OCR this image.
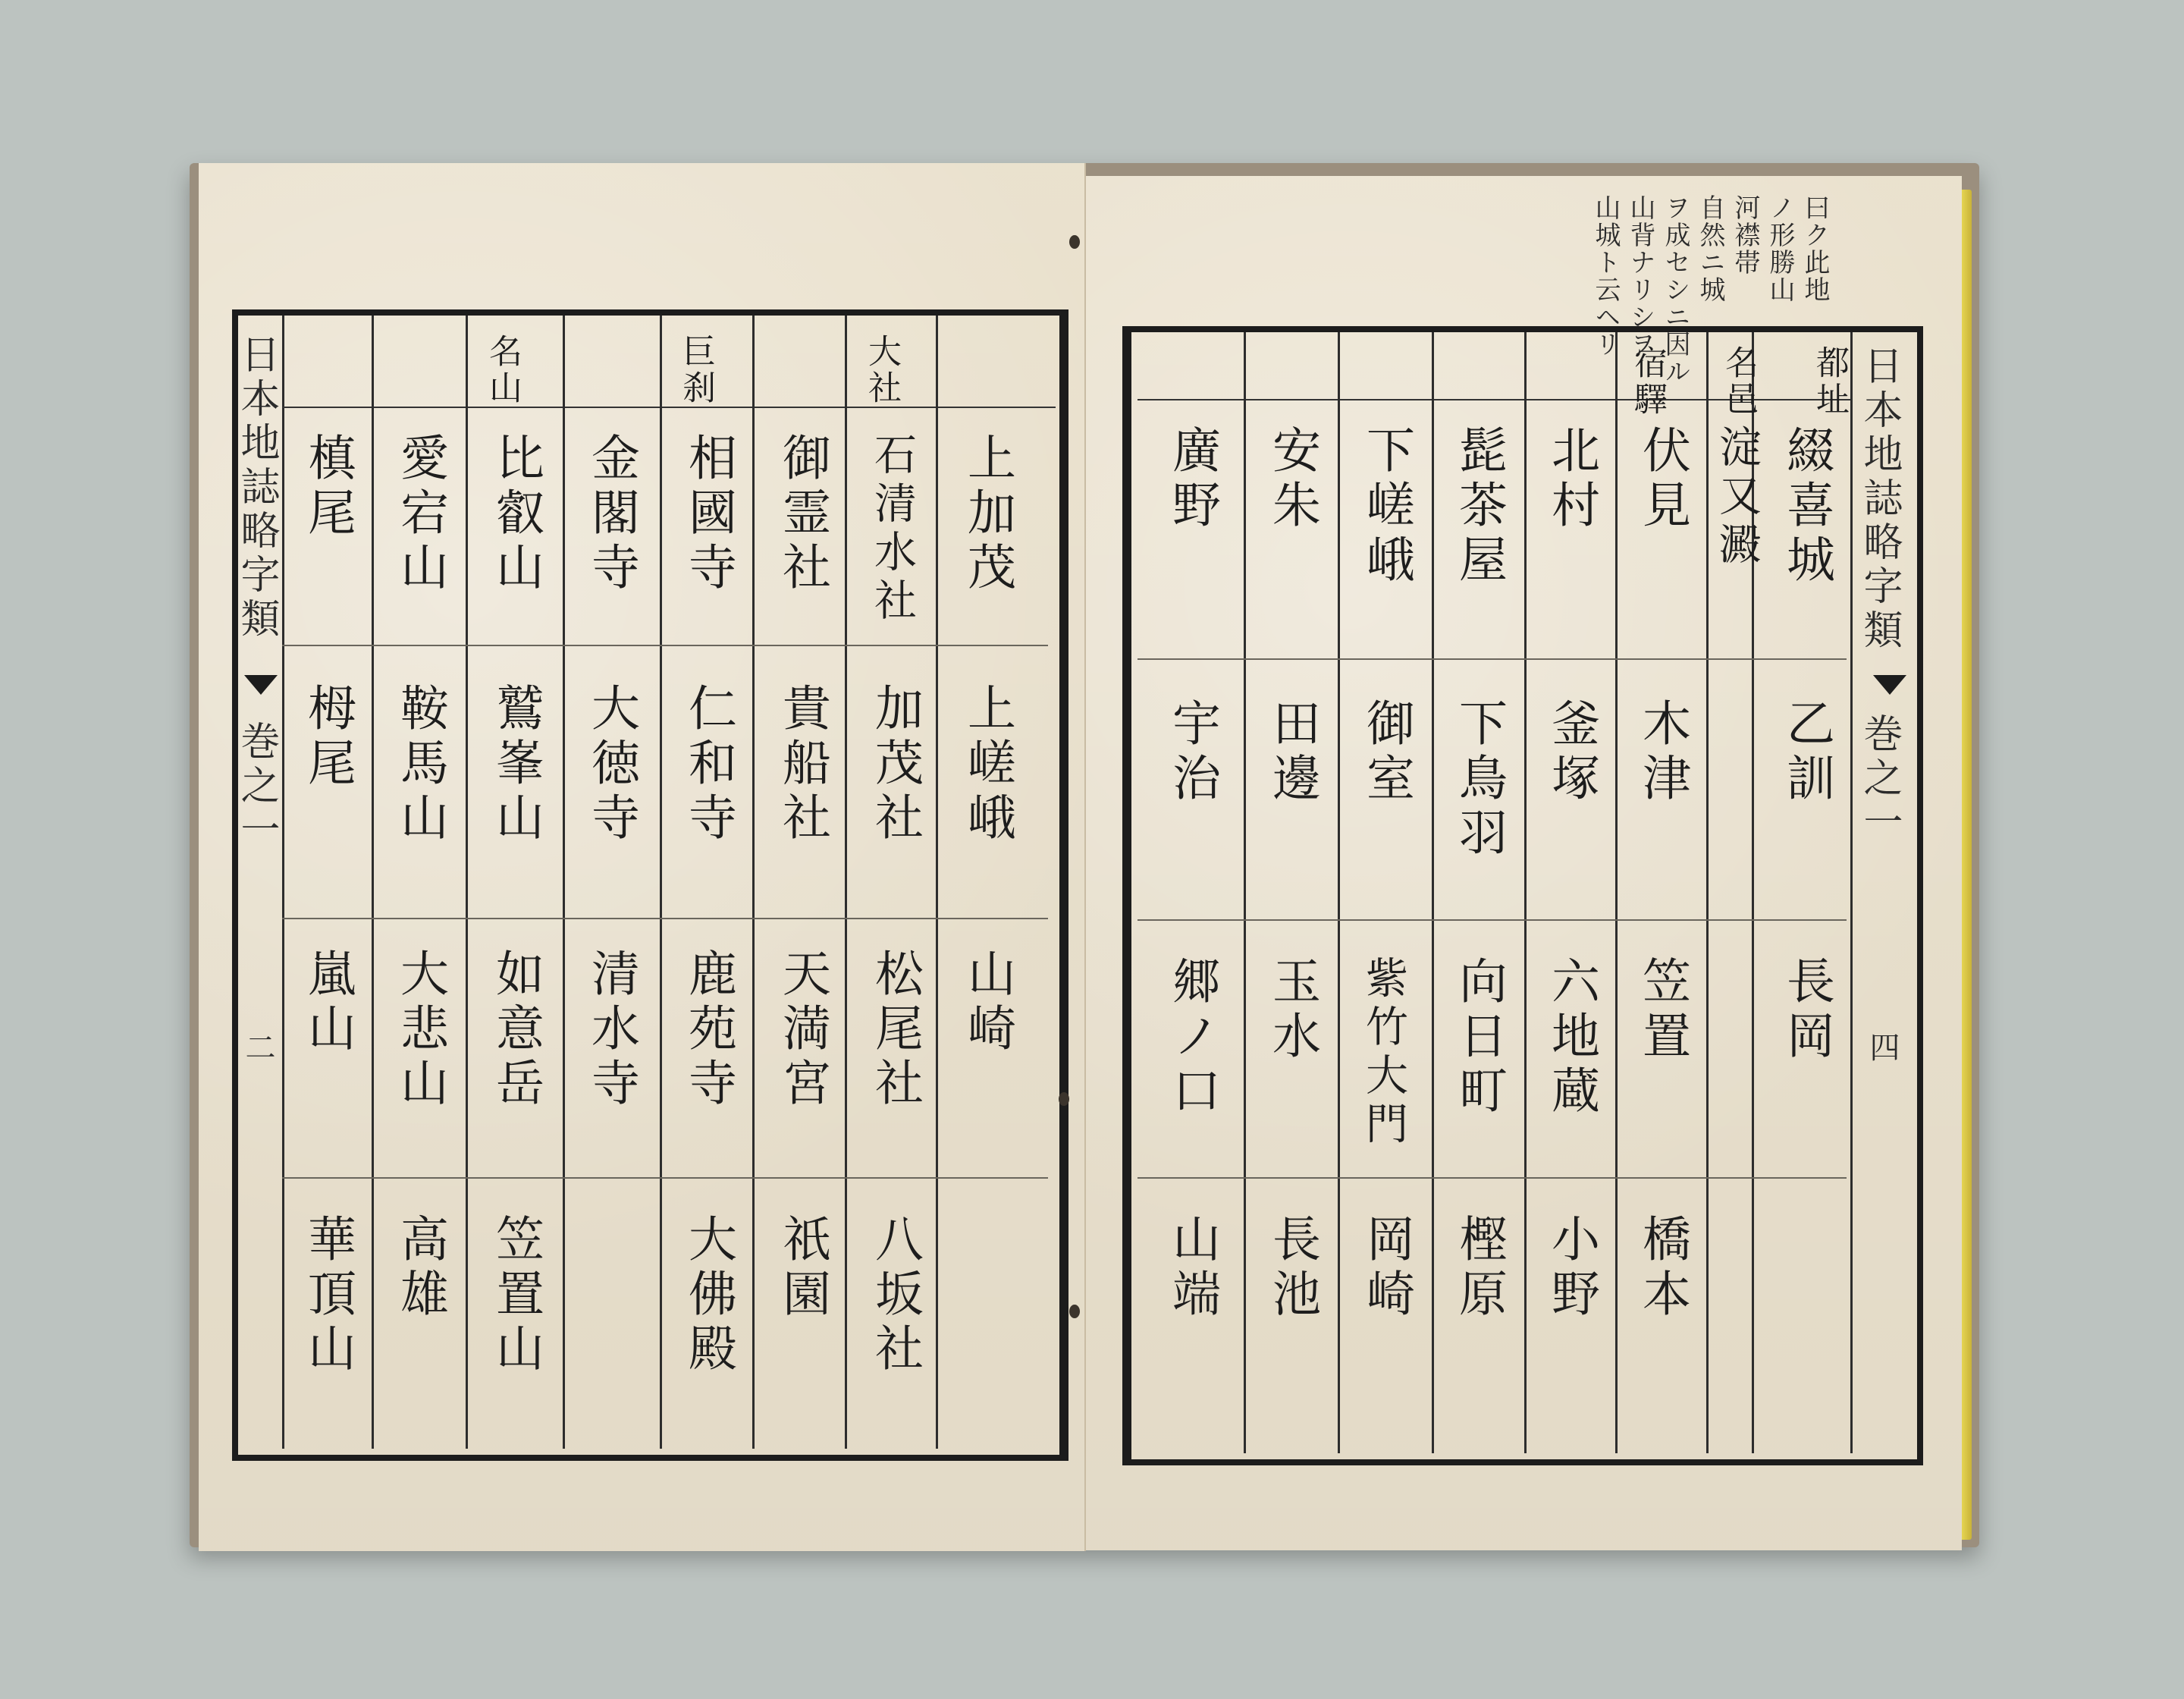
日本地誌略字類
巻之一
二
大社
巨刹
名山
上加茂
上嵯峨
山崎
石清水社
加茂社
松尾社
八坂社
御霊社
貴船社
天満宮
祇園
相國寺
仁和寺
鹿苑寺
大佛殿
金閣寺
大徳寺
清水寺
比叡山
鷲峯山
如意岳
笠置山
愛宕山
鞍馬山
大悲山
高雄
槙尾
栂尾
嵐山
華頂山
日本地誌略字類
巻之一
四
都址
名邑
宿驛
綴喜城
乙訓
長岡
淀又澱
伏見
木津
笠置
橋本
北村
釜塚
六地蔵
小野
髭茶屋
下鳥羽
向日町
樫原
下嵯峨
御室
紫竹大門
岡崎
安朱
田邊
玉水
長池
廣野
宇治
郷ノ口
山端
山城ト云ヘリ 山背ナリシヲ ヲ成セシニ因ル 自然ニ城 河襟帯 ノ形勝山 曰ク此地
